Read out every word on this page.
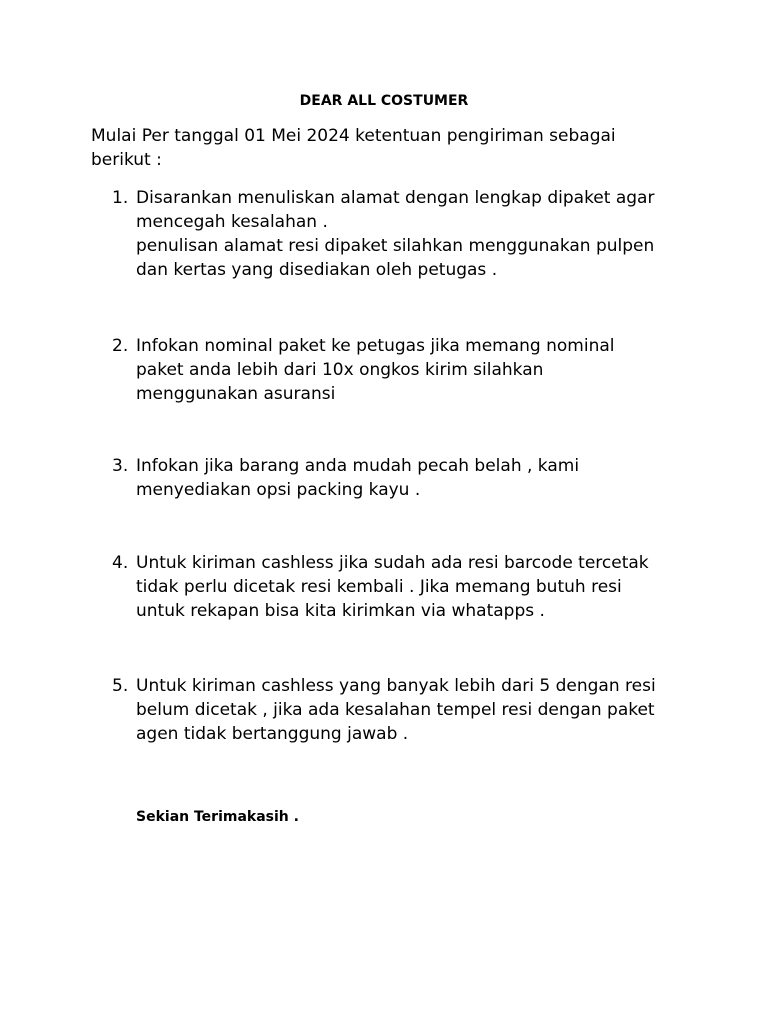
DEAR ALL COSTUMER
Mulai Per tanggal 01 Mei 2024 ketentuan pengiriman sebagai
berikut :
1. Disarankan menuliskan alamat dengan lengkap dipaket agar
mencegah kesalahan .
penulisan alamat resi dipaket silahkan menggunakan pulpen
dan kertas yang disediakan oleh petugas .
2. Infokan nominal paket ke petugas jika memang nominal
paket anda lebih dari 10x ongkos kirim silahkan
menggunakan asuransi
3. Infokan jika barang anda mudah pecah belah , kami
menyediakan opsi packing kayu .
4. Untuk kiriman cashless jika sudah ada resi barcode tercetak
tidak perlu dicetak resi kembali . Jika memang butuh resi
untuk rekapan bisa kita kirimkan via whatapps .
5. Untuk kiriman cashless yang banyak lebih dari 5 dengan resi
belum dicetak , jika ada kesalahan tempel resi dengan paket
agen tidak bertanggung jawab .
Sekian Terimakasih .
